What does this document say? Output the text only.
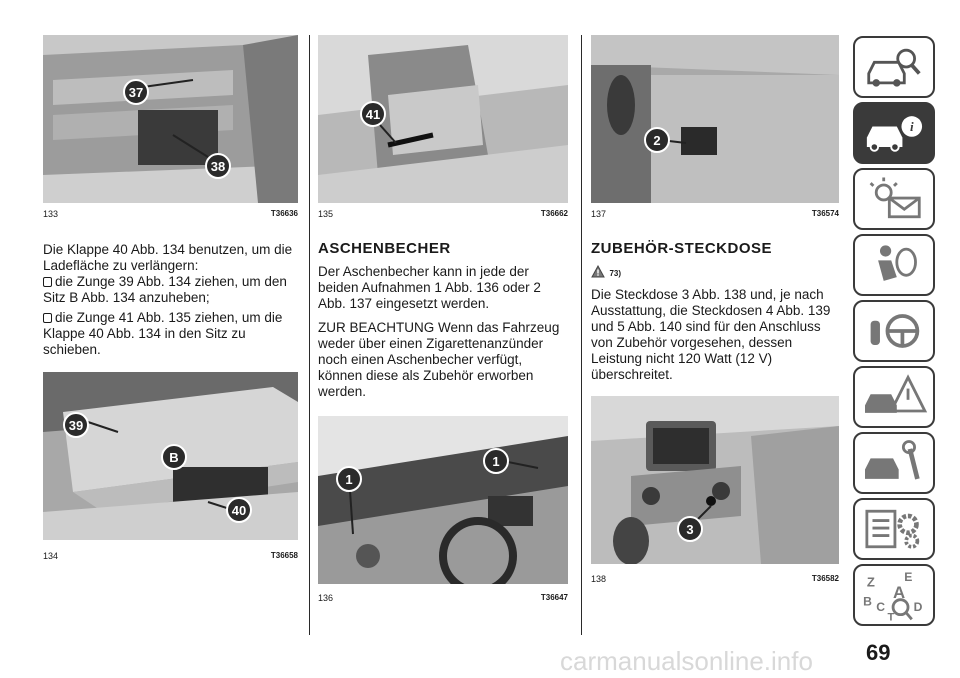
37
38
133	T36636

Die Klappe 40 Abb. 134 benutzen, um die Ladefläche zu verlängern:

die Zunge 39 Abb. 134 ziehen, um den Sitz B Abb. 134 anzuheben;
die Zunge 41 Abb. 135 ziehen, um die Klappe 40 Abb. 134 in den Sitz zu schieben.
39
B
40
134	T36658
41
135	T36662
ASCHENBECHER

Der Aschenbecher kann in jede der beiden Aufnahmen 1 Abb. 136 oder 2 Abb. 137 eingesetzt werden.

ZUR BEACHTUNG Wenn das Fahrzeug weder über einen Zigarettenanzünder noch einen Aschenbecher verfügt, können diese als Zubehör erworben werden.

1
1
136	T36647
2
137	T36574
ZUBEHÖR-STECKDOSE
73)

Die Steckdose 3 Abb. 138 und, je nach Ausstattung, die Steckdosen 4 Abb. 139 und 5 Abb. 140 sind für den Anschluss von Zubehör vorgesehen, dessen Leistung nicht 120 Watt (12 V) überschreitet.

3
138	T36582
i
Z E
A
B C
T
D
69
carmanualsonline.info
